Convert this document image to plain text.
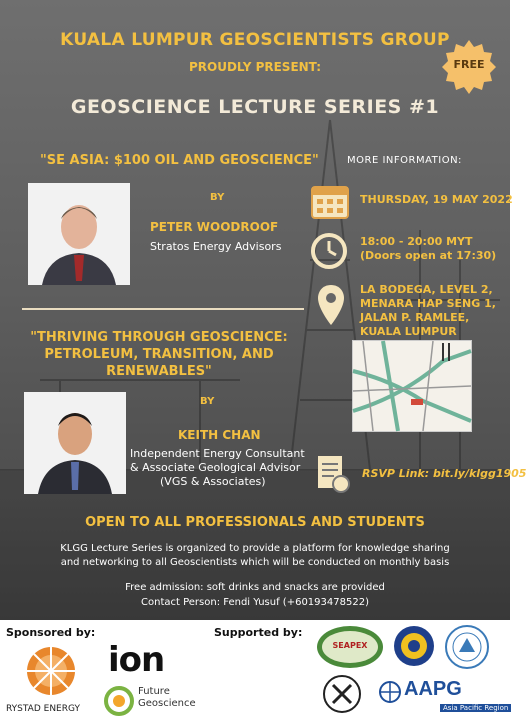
KUALA LUMPUR GEOSCIENTISTS GROUP
PROUDLY PRESENT:
GEOSCIENCE LECTURE SERIES #1
FREE
"SE ASIA: $100 OIL AND GEOSCIENCE"
BY
PETER WOODROOF
Stratos Energy Advisors
"THRIVING THROUGH GEOSCIENCE:
PETROLEUM, TRANSITION, AND
RENEWABLES"
BY
KEITH CHAN
Independent Energy Consultant
& Associate Geological Advisor
(VGS & Associates)
MORE INFORMATION:
THURSDAY, 19 MAY 2022
18:00 - 20:00 MYT
(Doors open at 17:30)
LA BODEGA, LEVEL 2,
MENARA HAP SENG 1,
JALAN P. RAMLEE,
KUALA LUMPUR
RSVP Link: bit.ly/klgg1905
OPEN TO ALL PROFESSIONALS AND STUDENTS
KLGG Lecture Series is organized to provide a platform for knowledge sharing
and networking to all Geoscientists which will be conducted on monthly basis
Free admission: soft drinks and snacks are provided
Contact Person: Fendi Yusuf (+60193478522)
Sponsored by:	Supported by:
RYSTAD ENERGY
ion
Future
Geoscience
SEAPEX
AAPG
Asia Pacific Region
